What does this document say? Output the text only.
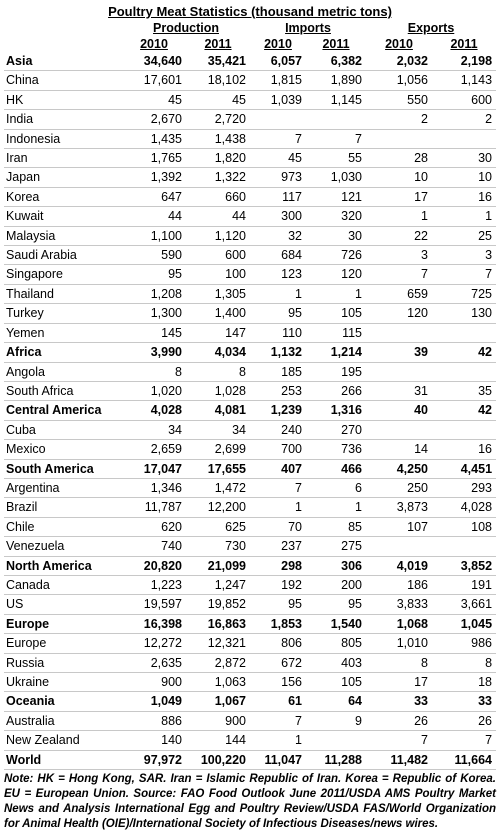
Poultry Meat Statistics (thousand metric tons)
	Production		Imports		Exports	
	2010	2011	2010	2011	2010	2011
Asia	34,640	35,421	6,057	6,382	2,032	2,198
China	17,601	18,102	1,815	1,890	1,056	1,143
HK	45	45	1,039	1,145	550	600
India	2,670	2,720			2	2
Indonesia	1,435	1,438	7	7		
Iran	1,765	1,820	45	55	28	30
Japan	1,392	1,322	973	1,030	10	10
Korea	647	660	117	121	17	16
Kuwait	44	44	300	320	1	1
Malaysia	1,100	1,120	32	30	22	25
Saudi Arabia	590	600	684	726	3	3
Singapore	95	100	123	120	7	7
Thailand	1,208	1,305	1	1	659	725
Turkey	1,300	1,400	95	105	120	130
Yemen	145	147	110	115		
Africa	3,990	4,034	1,132	1,214	39	42
Angola	8	8	185	195		
South Africa	1,020	1,028	253	266	31	35
Central America	4,028	4,081	1,239	1,316	40	42
Cuba	34	34	240	270		
Mexico	2,659	2,699	700	736	14	16
South America	17,047	17,655	407	466	4,250	4,451
Argentina	1,346	1,472	7	6	250	293
Brazil	11,787	12,200	1	1	3,873	4,028
Chile	620	625	70	85	107	108
Venezuela	740	730	237	275		
North America	20,820	21,099	298	306	4,019	3,852
Canada	1,223	1,247	192	200	186	191
US	19,597	19,852	95	95	3,833	3,661
Europe	16,398	16,863	1,853	1,540	1,068	1,045
Europe	12,272	12,321	806	805	1,010	986
Russia	2,635	2,872	672	403	8	8
Ukraine	900	1,063	156	105	17	18
Oceania	1,049	1,067	61	64	33	33
Australia	886	900	7	9	26	26
New Zealand	140	144	1		7	7
World	97,972	100,220	11,047	11,288	11,482	11,664
Note: HK = Hong Kong, SAR. Iran = Islamic Republic of Iran. Korea = Republic of Korea. EU = European Union. Source: FAO Food Outlook June 2011/USDA AMS Poultry Market News and Analysis International Egg and Poultry Review/USDA FAS/World Organization for Animal Health (OIE)/International Society of Infectious Diseases/news wires.
